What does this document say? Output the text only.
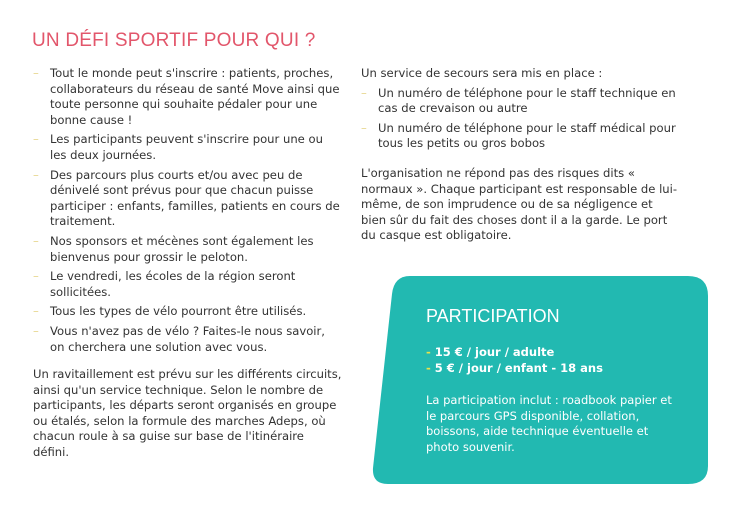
UN DÉFI SPORTIF POUR QUI ?
– Tout le monde peut s'inscrire : patients, proches, collaborateurs du réseau de santé Move ainsi que toute personne qui souhaite pédaler pour une bonne cause !
– Les participants peuvent s'inscrire pour une ou les deux journées.
– Des parcours plus courts et/ou avec peu de dénivelé sont prévus pour que chacun puisse participer : enfants, familles, patients en cours de traitement.
– Nos sponsors et mécènes sont également les bienvenus pour grossir le peloton.
– Le vendredi, les écoles de la région seront sollicitées.
– Tous les types de vélo pourront être utilisés.
– Vous n'avez pas de vélo ? Faites-le nous savoir, on cherchera une solution avec vous.

Un ravitaillement est prévu sur les différents circuits, ainsi qu'un service technique. Selon le nombre de participants, les départs seront organisés en groupe ou étalés, selon la formule des marches Adeps, où chacun roule à sa guise sur base de l'itinéraire défini.

Un service de secours sera mis en place :
– Un numéro de téléphone pour le staff technique en cas de crevaison ou autre
– Un numéro de téléphone pour le staff médical pour tous les petits ou gros bobos

L'organisation ne répond pas des risques dits « normaux ». Chaque participant est responsable de lui-même, de son imprudence ou de sa négligence et bien sûr du fait des choses dont il a la garde. Le port du casque est obligatoire.

PARTICIPATION
- 15 € / jour / adulte
- 5 € / jour / enfant - 18 ans
La participation inclut : roadbook papier et le parcours GPS disponible, collation, boissons, aide technique éventuelle et photo souvenir.
